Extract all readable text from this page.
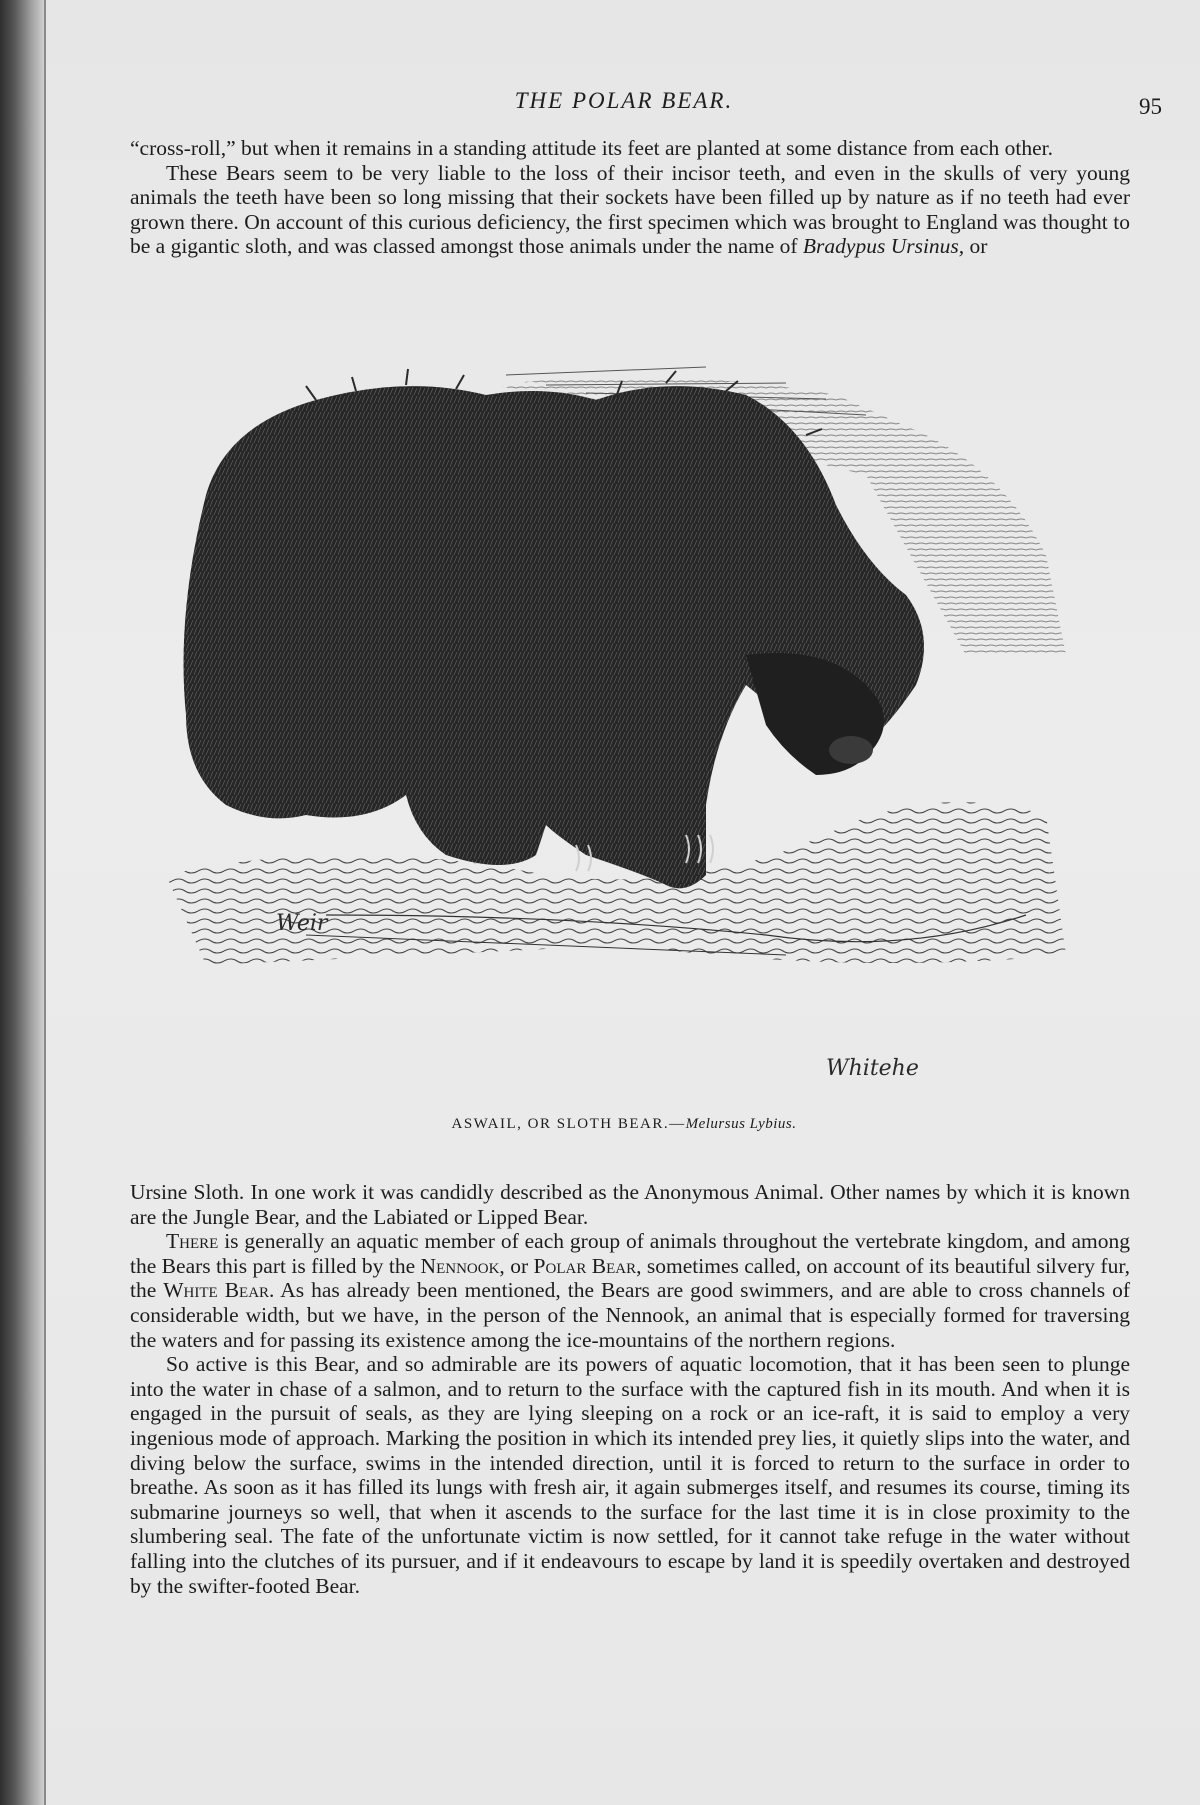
THE POLAR BEAR.	95

“cross-roll,” but when it remains in a standing attitude its feet are planted at some distance from each other.

These Bears seem to be very liable to the loss of their incisor teeth, and even in the skulls of very young animals the teeth have been so long missing that their sockets have been filled up by nature as if no teeth had ever grown there. On account of this curious deficiency, the first specimen which was brought to England was thought to be a gigantic sloth, and was classed amongst those animals under the name of Bradypus Ursinus, or

Weir
Whitehe
ASWAIL, OR SLOTH BEAR.—Melursus Lybius.

Ursine Sloth. In one work it was candidly described as the Anonymous Animal. Other names by which it is known are the Jungle Bear, and the Labiated or Lipped Bear.

There is generally an aquatic member of each group of animals throughout the vertebrate kingdom, and among the Bears this part is filled by the Nennook, or Polar Bear, sometimes called, on account of its beautiful silvery fur, the White Bear. As has already been mentioned, the Bears are good swimmers, and are able to cross channels of considerable width, but we have, in the person of the Nennook, an animal that is especially formed for traversing the waters and for passing its existence among the ice-mountains of the northern regions.

So active is this Bear, and so admirable are its powers of aquatic locomotion, that it has been seen to plunge into the water in chase of a salmon, and to return to the surface with the captured fish in its mouth. And when it is engaged in the pursuit of seals, as they are lying sleeping on a rock or an ice-raft, it is said to employ a very ingenious mode of approach. Marking the position in which its intended prey lies, it quietly slips into the water, and diving below the surface, swims in the intended direction, until it is forced to return to the surface in order to breathe. As soon as it has filled its lungs with fresh air, it again submerges itself, and resumes its course, timing its submarine journeys so well, that when it ascends to the surface for the last time it is in close proximity to the slumbering seal. The fate of the unfortunate victim is now settled, for it cannot take refuge in the water without falling into the clutches of its pursuer, and if it endeavours to escape by land it is speedily overtaken and destroyed by the swifter-footed Bear.
